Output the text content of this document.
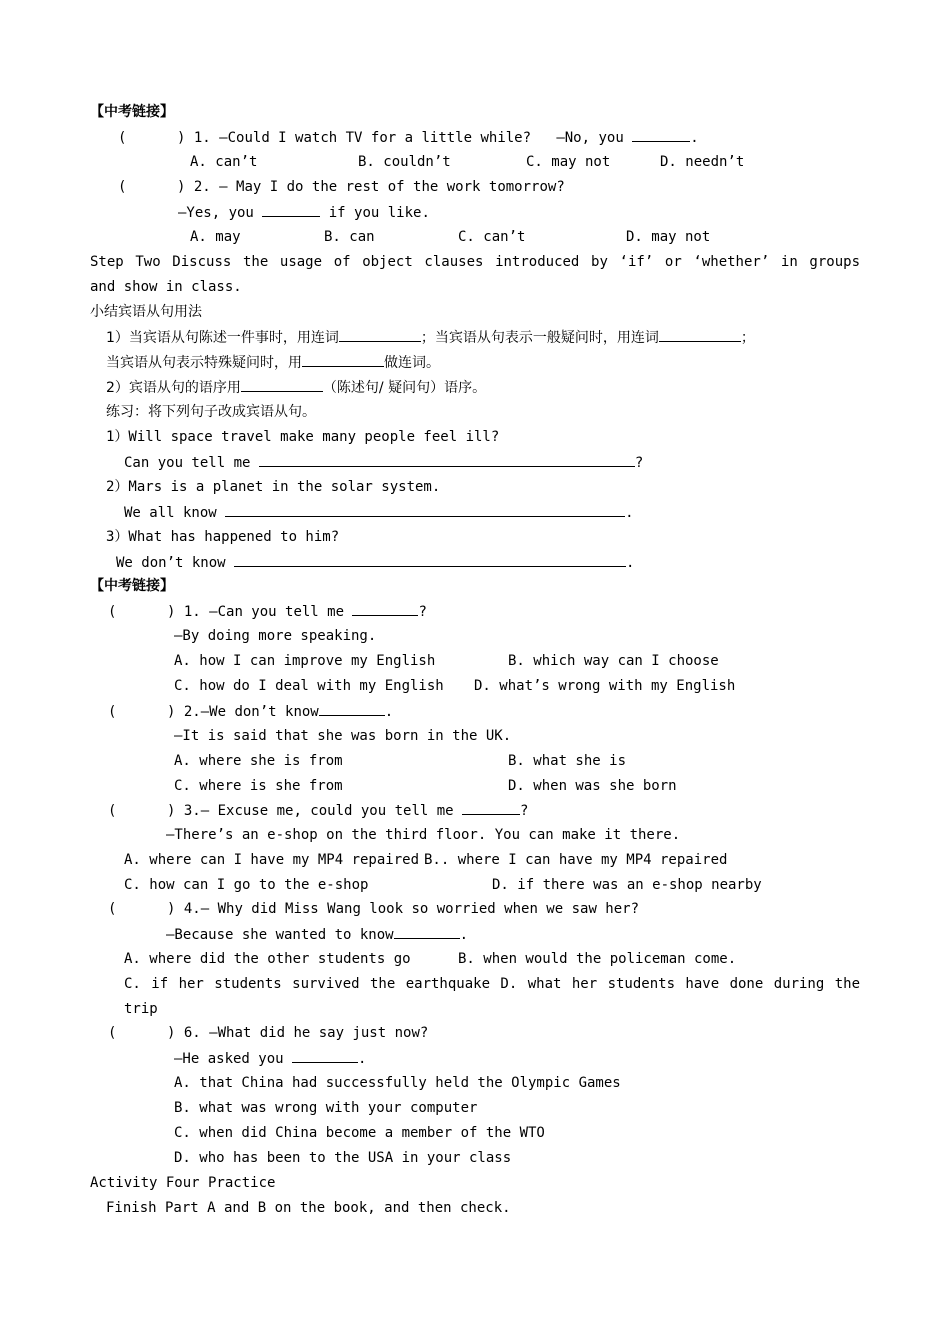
【中考链接】
(      ) 1. —Could I watch TV for a little while?   —No, you	.
A. can’t	B. couldn’t	C. may not	D. needn’t
(      ) 2. — May I do the rest of the work tomorrow?
—Yes, you	if you like.
A. may	B. can	C. can’t	D. may not
Step Two Discuss the usage of object clauses introduced by ‘if’ or ‘whether’ in groups
and show in class.
小结宾语从句用法
1）当宾语从句陈述一件事时，用连词	；当宾语从句表示一般疑问时，用连词	；
当宾语从句表示特殊疑问时，用	做连词。
2）宾语从句的语序用	（陈述句/ 疑问句）语序。
练习：将下列句子改成宾语从句。
1）Will space travel make many people feel ill?
Can you tell me	?
2）Mars is a planet in the solar system.
We all know	.
3）What has happened to him?
We don’t know	.
【中考链接】
(      ) 1. —Can you tell me	?
—By doing more speaking.
A. how I can improve my English	B. which way can I choose
C. how do I deal with my English D. what’s wrong with my English
(      ) 2.—We don’t know	.
—It is said that she was born in the UK.
A. where she is from	B. what she is
C. where is she from	D. when was she born
(      ) 3.— Excuse me, could you tell me	?
—There’s an e-shop on the third floor. You can make it there.
A. where can I have my MP4 repaired B.. where I can have my MP4 repaired
C. how can I go to the e-shop	D. if there was an e-shop nearby
(      ) 4.— Why did Miss Wang look so worried when we saw her?
—Because she wanted to know	.
A. where did the other students go	B. when would the policeman come.
C. if her students survived the earthquake D. what her students have done during the
trip
(      ) 6. —What did he say just now?
—He asked you	.
A. that China had successfully held the Olympic Games
B. what was wrong with your computer
C. when did China become a member of the WTO
D. who has been to the USA in your class
Activity Four Practice
Finish Part A and B on the book, and then check.
